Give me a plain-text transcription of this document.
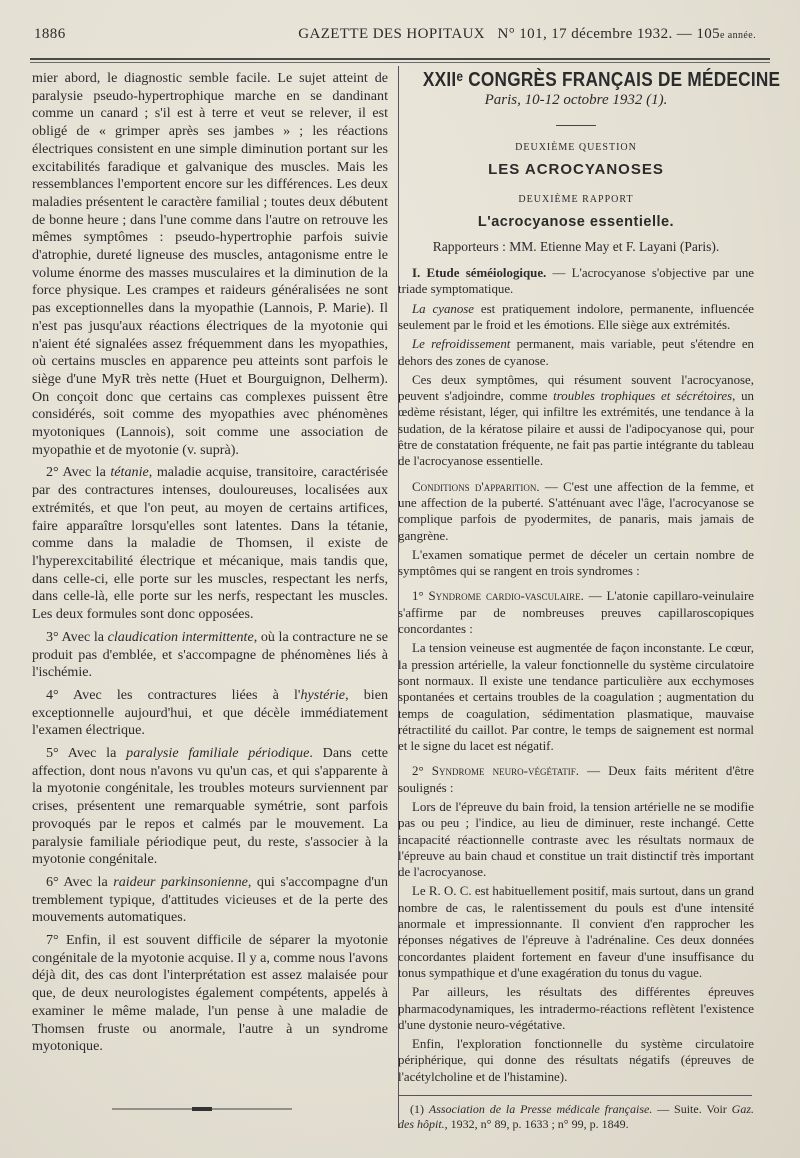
1886	GAZETTE DES HOPITAUX N° 101, 17 décembre 1932. — 105e année.

mier abord, le diagnostic semble facile. Le sujet atteint de paralysie pseudo-hypertrophique marche en se dandinant comme un canard ; s'il est à terre et veut se relever, il est obligé de « grimper après ses jambes » ; les réactions électriques consistent en une simple diminution portant sur les excitabilités faradique et galvanique des muscles. Mais les ressemblances l'emportent encore sur les différences. Les deux maladies présentent le caractère familial ; toutes deux débutent de bonne heure ; dans l'une comme dans l'autre on retrouve les mêmes symptômes : pseudo-hypertrophie parfois suivie d'atrophie, dureté ligneuse des muscles, antagonisme entre le volume énorme des masses musculaires et la diminution de la force physique. Les crampes et raideurs généralisées ne sont pas exceptionnelles dans la myopathie (Lannois, P. Marie). Il n'est pas jusqu'aux réactions électriques de la myotonie qui n'aient été signalées assez fréquemment dans les myopathies, où certains muscles en apparence peu atteints sont parfois le siège d'une MyR très nette (Huet et Bourguignon, Delherm). On conçoit donc que certains cas complexes puissent être considérés, soit comme des myopathies avec phénomènes myotoniques (Lannois), soit comme une association de myopathie et de myotonie (v. suprà).

2° Avec la tétanie, maladie acquise, transitoire, caractérisée par des contractures intenses, douloureuses, localisées aux extrémités, et que l'on peut, au moyen de certains artifices, faire apparaître lorsqu'elles sont latentes. Dans la tétanie, comme dans la maladie de Thomsen, il existe de l'hyperexcitabilité électrique et mécanique, mais tandis que, dans celle-ci, elle porte sur les muscles, respectant les nerfs, dans celle-là, elle porte sur les nerfs, respectant les muscles. Les deux formules sont donc opposées.

3° Avec la claudication intermittente, où la contracture ne se produit pas d'emblée, et s'accompagne de phénomènes liés à l'ischémie.

4° Avec les contractures liées à l'hystérie, bien exceptionnelle aujourd'hui, et que décèle immédiatement l'examen électrique.

5° Avec la paralysie familiale périodique. Dans cette affection, dont nous n'avons vu qu'un cas, et qui s'apparente à la myotonie congénitale, les troubles moteurs surviennent par crises, présentent une remarquable symétrie, sont parfois provoqués par le repos et calmés par le mouvement. La paralysie familiale périodique peut, du reste, s'associer à la myotonie congénitale.

6° Avec la raideur parkinsonienne, qui s'accompagne d'un tremblement typique, d'attitudes vicieuses et de la perte des mouvements automatiques.

7° Enfin, il est souvent difficile de séparer la myotonie congénitale de la myotonie acquise. Il y a, comme nous l'avons déjà dit, des cas dont l'interprétation est assez malaisée pour que, de deux neurologistes également compétents, appelés à examiner le même malade, l'un pense à une maladie de Thomsen fruste ou anormale, l'autre à un syndrome myotonique.

XXIIᵉ CONGRÈS FRANÇAIS DE MÉDECINE
Paris, 10-12 octobre 1932 (1).
DEUXIÈME QUESTION
LES ACROCYANOSES
DEUXIÈME RAPPORT
L'acrocyanose essentielle.
Rapporteurs : MM. Etienne May et F. Layani (Paris).

I. Etude séméiologique. — L'acrocyanose s'objective par une triade symptomatique.

La cyanose est pratiquement indolore, permanente, influencée seulement par le froid et les émotions. Elle siège aux extrémités.

Le refroidissement permanent, mais variable, peut s'étendre en dehors des zones de cyanose.

Ces deux symptômes, qui résument souvent l'acrocyanose, peuvent s'adjoindre, comme troubles trophiques et sécrétoires, un œdème résistant, léger, qui infiltre les extrémités, une tendance à la sudation, de la kératose pilaire et aussi de l'adipocyanose qui, pour être de constatation fréquente, ne fait pas partie intégrante du tableau de l'acrocyanose essentielle.

Conditions d'apparition. — C'est une affection de la femme, et une affection de la puberté. S'atténuant avec l'âge, l'acrocyanose se complique parfois de pyodermites, de panaris, mais jamais de gangrène.

L'examen somatique permet de déceler un certain nombre de symptômes qui se rangent en trois syndromes :

1° Syndrome cardio-vasculaire. — L'atonie capillaro-veinulaire s'affirme par de nombreuses preuves capillaroscopiques concordantes :

La tension veineuse est augmentée de façon inconstante. Le cœur, la pression artérielle, la valeur fonctionnelle du système circulatoire sont normaux. Il existe une tendance particulière aux ecchymoses spontanées et certains troubles de la coagulation ; augmentation du temps de coagulation, sédimentation plasmatique, mauvaise rétractilité du caillot. Par contre, le temps de saignement est normal et le signe du lacet est négatif.

2° Syndrome neuro-végétatif. — Deux faits méritent d'être soulignés :

Lors de l'épreuve du bain froid, la tension artérielle ne se modifie pas ou peu ; l'indice, au lieu de diminuer, reste inchangé. Cette incapacité réactionnelle contraste avec les résultats normaux de l'épreuve au bain chaud et constitue un trait distinctif très important de l'acrocyanose.

Le R. O. C. est habituellement positif, mais surtout, dans un grand nombre de cas, le ralentissement du pouls est d'une intensité anormale et impressionnante. Il convient d'en rapprocher les réponses négatives de l'épreuve à l'adrénaline. Ces deux données concordantes plaident fortement en faveur d'une insuffisance du tonus sympathique et d'une exagération du tonus du vague.

Par ailleurs, les résultats des différentes épreuves pharmacodynamiques, les intradermo-réactions reflètent l'existence d'une dystonie neuro-végétative.

Enfin, l'exploration fonctionnelle du système circulatoire périphérique, qui donne des résultats négatifs (épreuves de l'acétylcholine et de l'histamine).

(1) Association de la Presse médicale française. — Suite. Voir Gaz. des hôpit., 1932, n° 89, p. 1633 ; n° 99, p. 1849.
